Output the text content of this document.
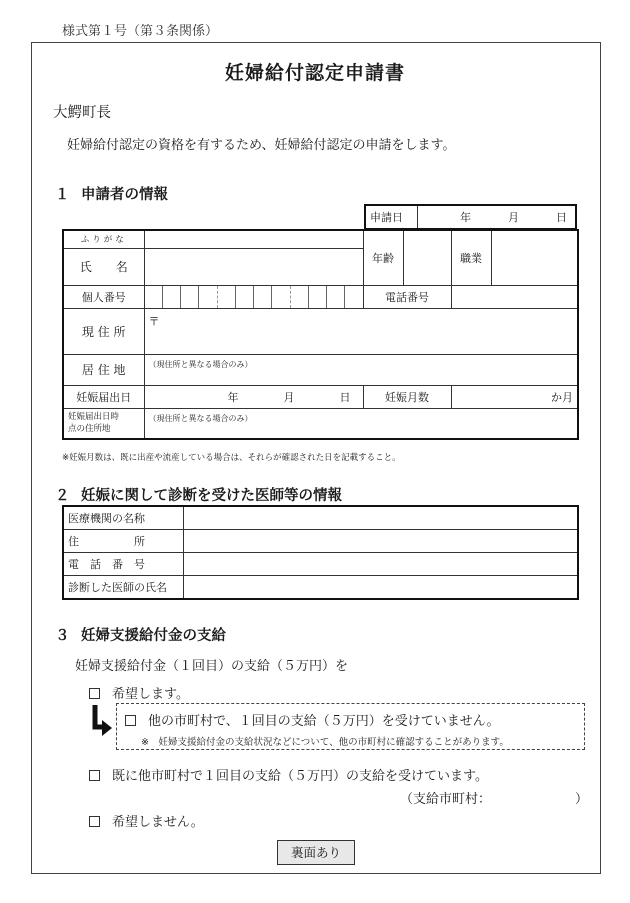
様式第１号（第３条関係）
妊婦給付認定申請書
大鰐町長
妊婦給付認定の資格を有するため、妊婦給付認定の申請をします。
１ 申請者の情報
申請日	年	月	日
ふりがな		年齢		職業	
氏　　名					
個人番号		電話番号			
現 住 所	〒				
居 住 地	（現住所と異なる場合のみ）				
妊娠届出日	年 月 日	妊娠月数		か月	

妊娠届出日時
点の住所地	（現住所と異なる場合のみ）				
※妊娠月数は、既に出産や流産している場合は、それらが確認された日を記載すること。
２ 妊娠に関して診断を受けた医師等の情報
医療機関の名称	
住　　　　　所	
電　話　番　号	
診断した医師の氏名	
３ 妊婦支援給付金の支給
妊婦支援給付金（１回目）の支給（５万円）を
希望します。
他の市町村で、１回目の支給（５万円）を受けていません。
※　妊婦支援給付金の支給状況などについて、他の市町村に確認することがあります。
既に他市町村で１回目の支給（５万円）の支給を受けています。
（支給市町村：	）
希望しません。
裏面あり
